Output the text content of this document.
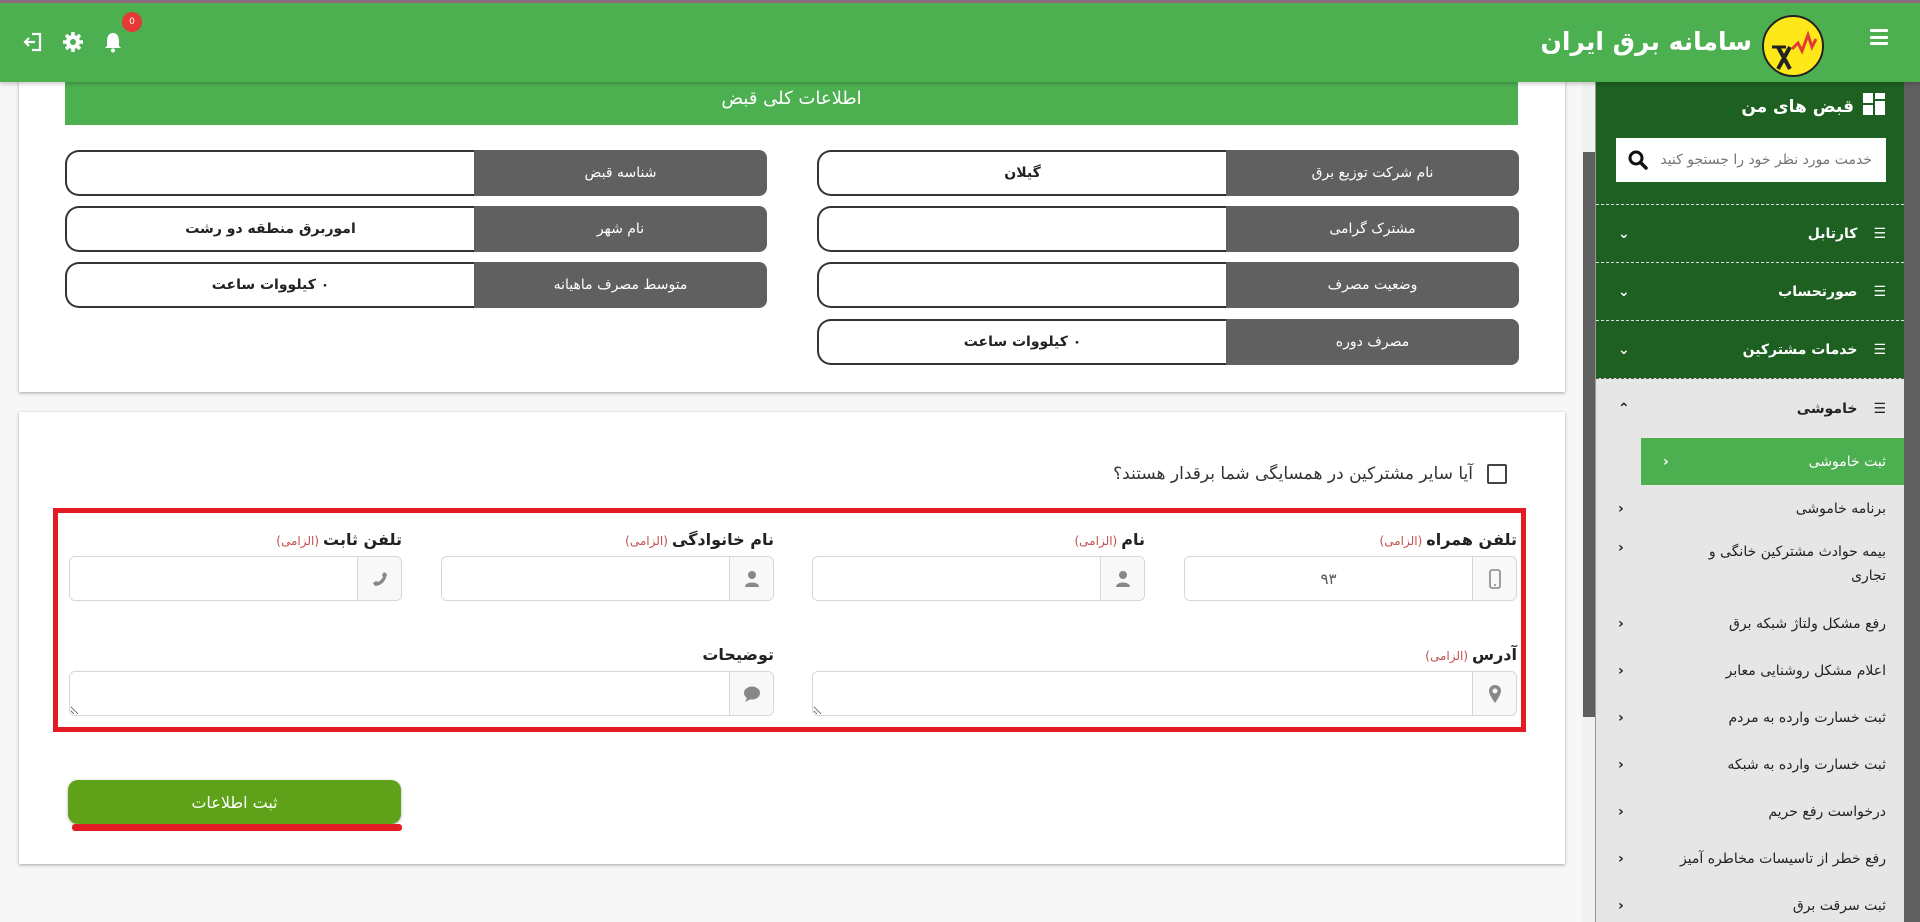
سامانه برق ایران
0
اطلاعات کلی قبض
نام شرکت توزیع برق
گیلان
مشترک گرامی
وضعیت مصرف
مصرف دوره
۰ کیلووات ساعت
شناسه قبض
نام شهر
اموربرق منطقه دو رشت
متوسط مصرف ماهیانه
۰ کیلووات ساعت
آیا سایر مشترکین در همسایگی شما برقدار هستند؟
تلفن همراه(الزامی)
۹۳
نام(الزامی)
نام خانوادگی(الزامی)
تلفن ثابت(الزامی)
آدرس(الزامی)
توضیحات
ثبت اطلاعات
قبض های من
خدمت مورد نظر خود را جستجو کنید
☰
کارتابل
⌄
☰
صورتحساب
⌄
☰
خدمات مشترکین
⌄
☰
خاموشی
⌃
ثبت خاموشی
‹
برنامه خاموشی
‹
بیمه حوادث مشترکین خانگی و تجاری
‹
رفع مشکل ولتاژ شبکه برق
‹
اعلام مشکل روشنایی معابر
‹
ثبت خسارت وارده به مردم
‹
ثبت خسارت وارده به شبکه
‹
درخواست رفع حریم
‹
رفع خطر از تاسیسات مخاطره آمیز
‹
ثبت سرقت برق
‹
